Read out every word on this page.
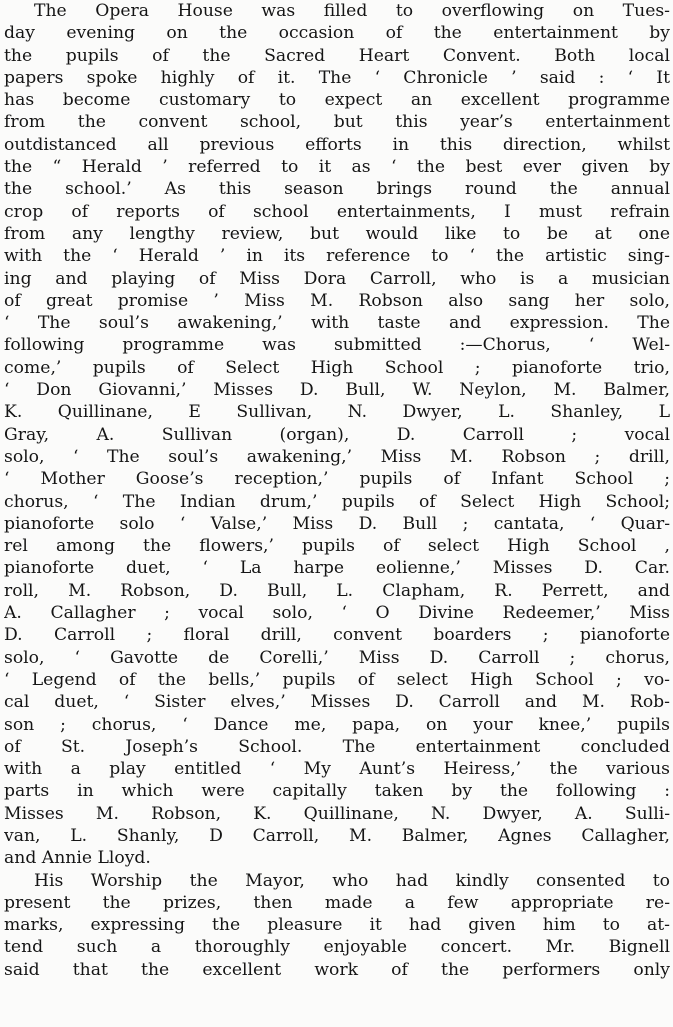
The Opera House was filled to overflowing on Tues-
day evening on the occasion of the entertainment by
the pupils of the Sacred Heart Convent. Both local
papers spoke highly of it. The ‘ Chronicle ’ said : ‘ It
has become customary to expect an excellent programme
from the convent school, but this year’s entertainment
outdistanced all previous efforts in this direction, whilst
the “ Herald ’ referred to it as ‘ the best ever given by
the school.’ As this season brings round the annual
crop of reports of school entertainments, I must refrain
from any lengthy review, but would like to be at one
with the ‘ Herald ’ in its reference to ‘ the artistic sing-
ing and playing of Miss Dora Carroll, who is a musician
of great promise ’ Miss M. Robson also sang her solo,
‘ The soul’s awakening,’ with taste and expression. The
following programme was submitted :—Chorus, ‘ Wel-
come,’ pupils of Select High School ; pianoforte trio,
‘ Don Giovanni,’ Misses D. Bull, W. Neylon, M. Balmer,
K. Quillinane, E Sullivan, N. Dwyer, L. Shanley, L
Gray, A. Sullivan (organ), D. Carroll ; vocal
solo, ‘ The soul’s awakening,’ Miss M. Robson ; drill,
‘ Mother Goose’s reception,’ pupils of Infant School ;
chorus, ‘ The Indian drum,’ pupils of Select High School;
pianoforte solo ‘ Valse,’ Miss D. Bull ; cantata, ‘ Quar-
rel among the flowers,’ pupils of select High School ,
pianoforte duet, ‘ La harpe eolienne,’ Misses D. Car.
roll, M. Robson, D. Bull, L. Clapham, R. Perrett, and
A. Callagher ; vocal solo, ‘ O Divine Redeemer,’ Miss
D. Carroll ; floral drill, convent boarders ; pianoforte
solo, ‘ Gavotte de Corelli,’ Miss D. Carroll ; chorus,
‘ Legend of the bells,’ pupils of select High School ; vo-
cal duet, ‘ Sister elves,’ Misses D. Carroll and M. Rob-
son ; chorus, ‘ Dance me, papa, on your knee,’ pupils
of St. Joseph’s School. The entertainment concluded
with a play entitled ‘ My Aunt’s Heiress,’ the various
parts in which were capitally taken by the following :
Misses M. Robson, K. Quillinane, N. Dwyer, A. Sulli-
van, L. Shanly, D Carroll, M. Balmer, Agnes Callagher,
and Annie Lloyd.
His Worship the Mayor, who had kindly consented to
present the prizes, then made a few appropriate re-
marks, expressing the pleasure it had given him to at-
tend such a thoroughly enjoyable concert. Mr. Bignell
said that the excellent work of the performers only
